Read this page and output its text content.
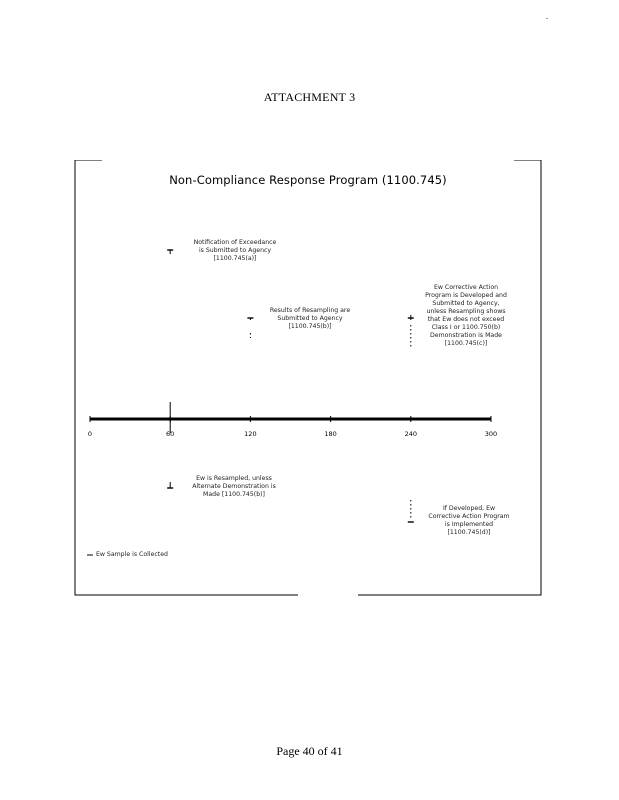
.
ATTACHMENT 3
Non-Compliance Response Program (1100.745)
0	60	120	180	240	300
Notification of Exceedance
is Submitted to Agency
[1100.745(a)]
Results of Resampling are
Submitted to Agency
[1100.745(b)]
Ew Corrective Action
Program is Developed and
Submitted to Agency,
unless Resampling shows
that Ew does not exceed
Class I or 1100.750(b)
Demonstration is Made
[1100.745(c)]
Ew is Resampled, unless
Alternate Demonstration is
Made [1100.745(b)]
If Developed, Ew
Corrective Action Program
is Implemented
[1100.745(d)]
Ew Sample is Collected
Page 40 of 41
